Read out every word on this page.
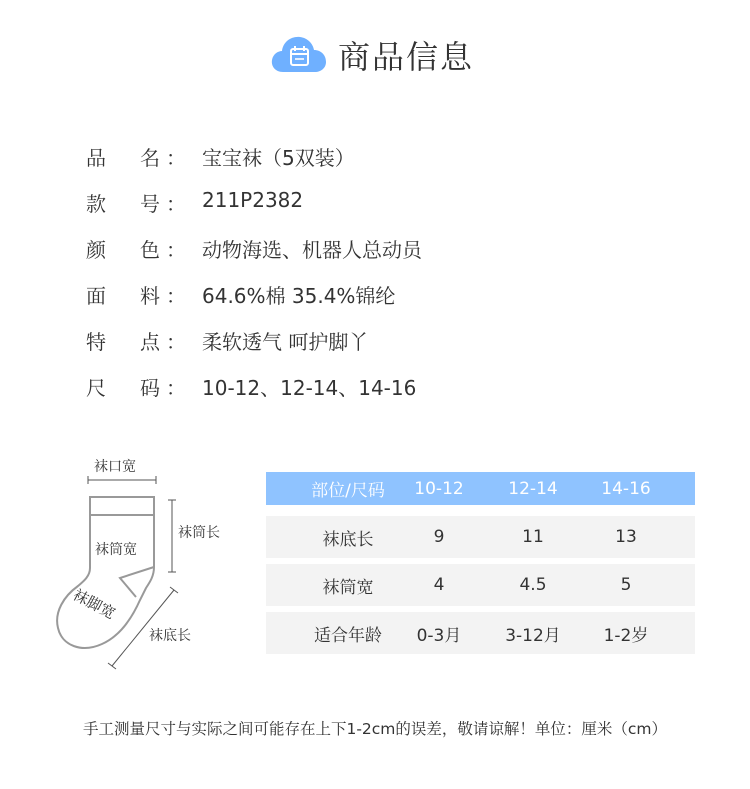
商品信息
品 名 ： 宝宝袜（5双装）
款 号 ： 211P2382
颜 色 ： 动物海选、机器人总动员
面 料 ： 64.6%棉 35.4%锦纶
特 点 ： 柔软透气 呵护脚丫
尺 码 ： 10-12、12-14、14-16
袜口宽
袜筒宽
袜脚宽
袜筒长
袜底长
部位/尺码	10-12	12-14	14-16
袜底长	9	11	13
袜筒宽	4	4.5	5
适合年龄	0-3月	3-12月	1-2岁
手工测量尺寸与实际之间可能存在上下1-2cm的误差，敬请谅解！单位：厘米（cm）
